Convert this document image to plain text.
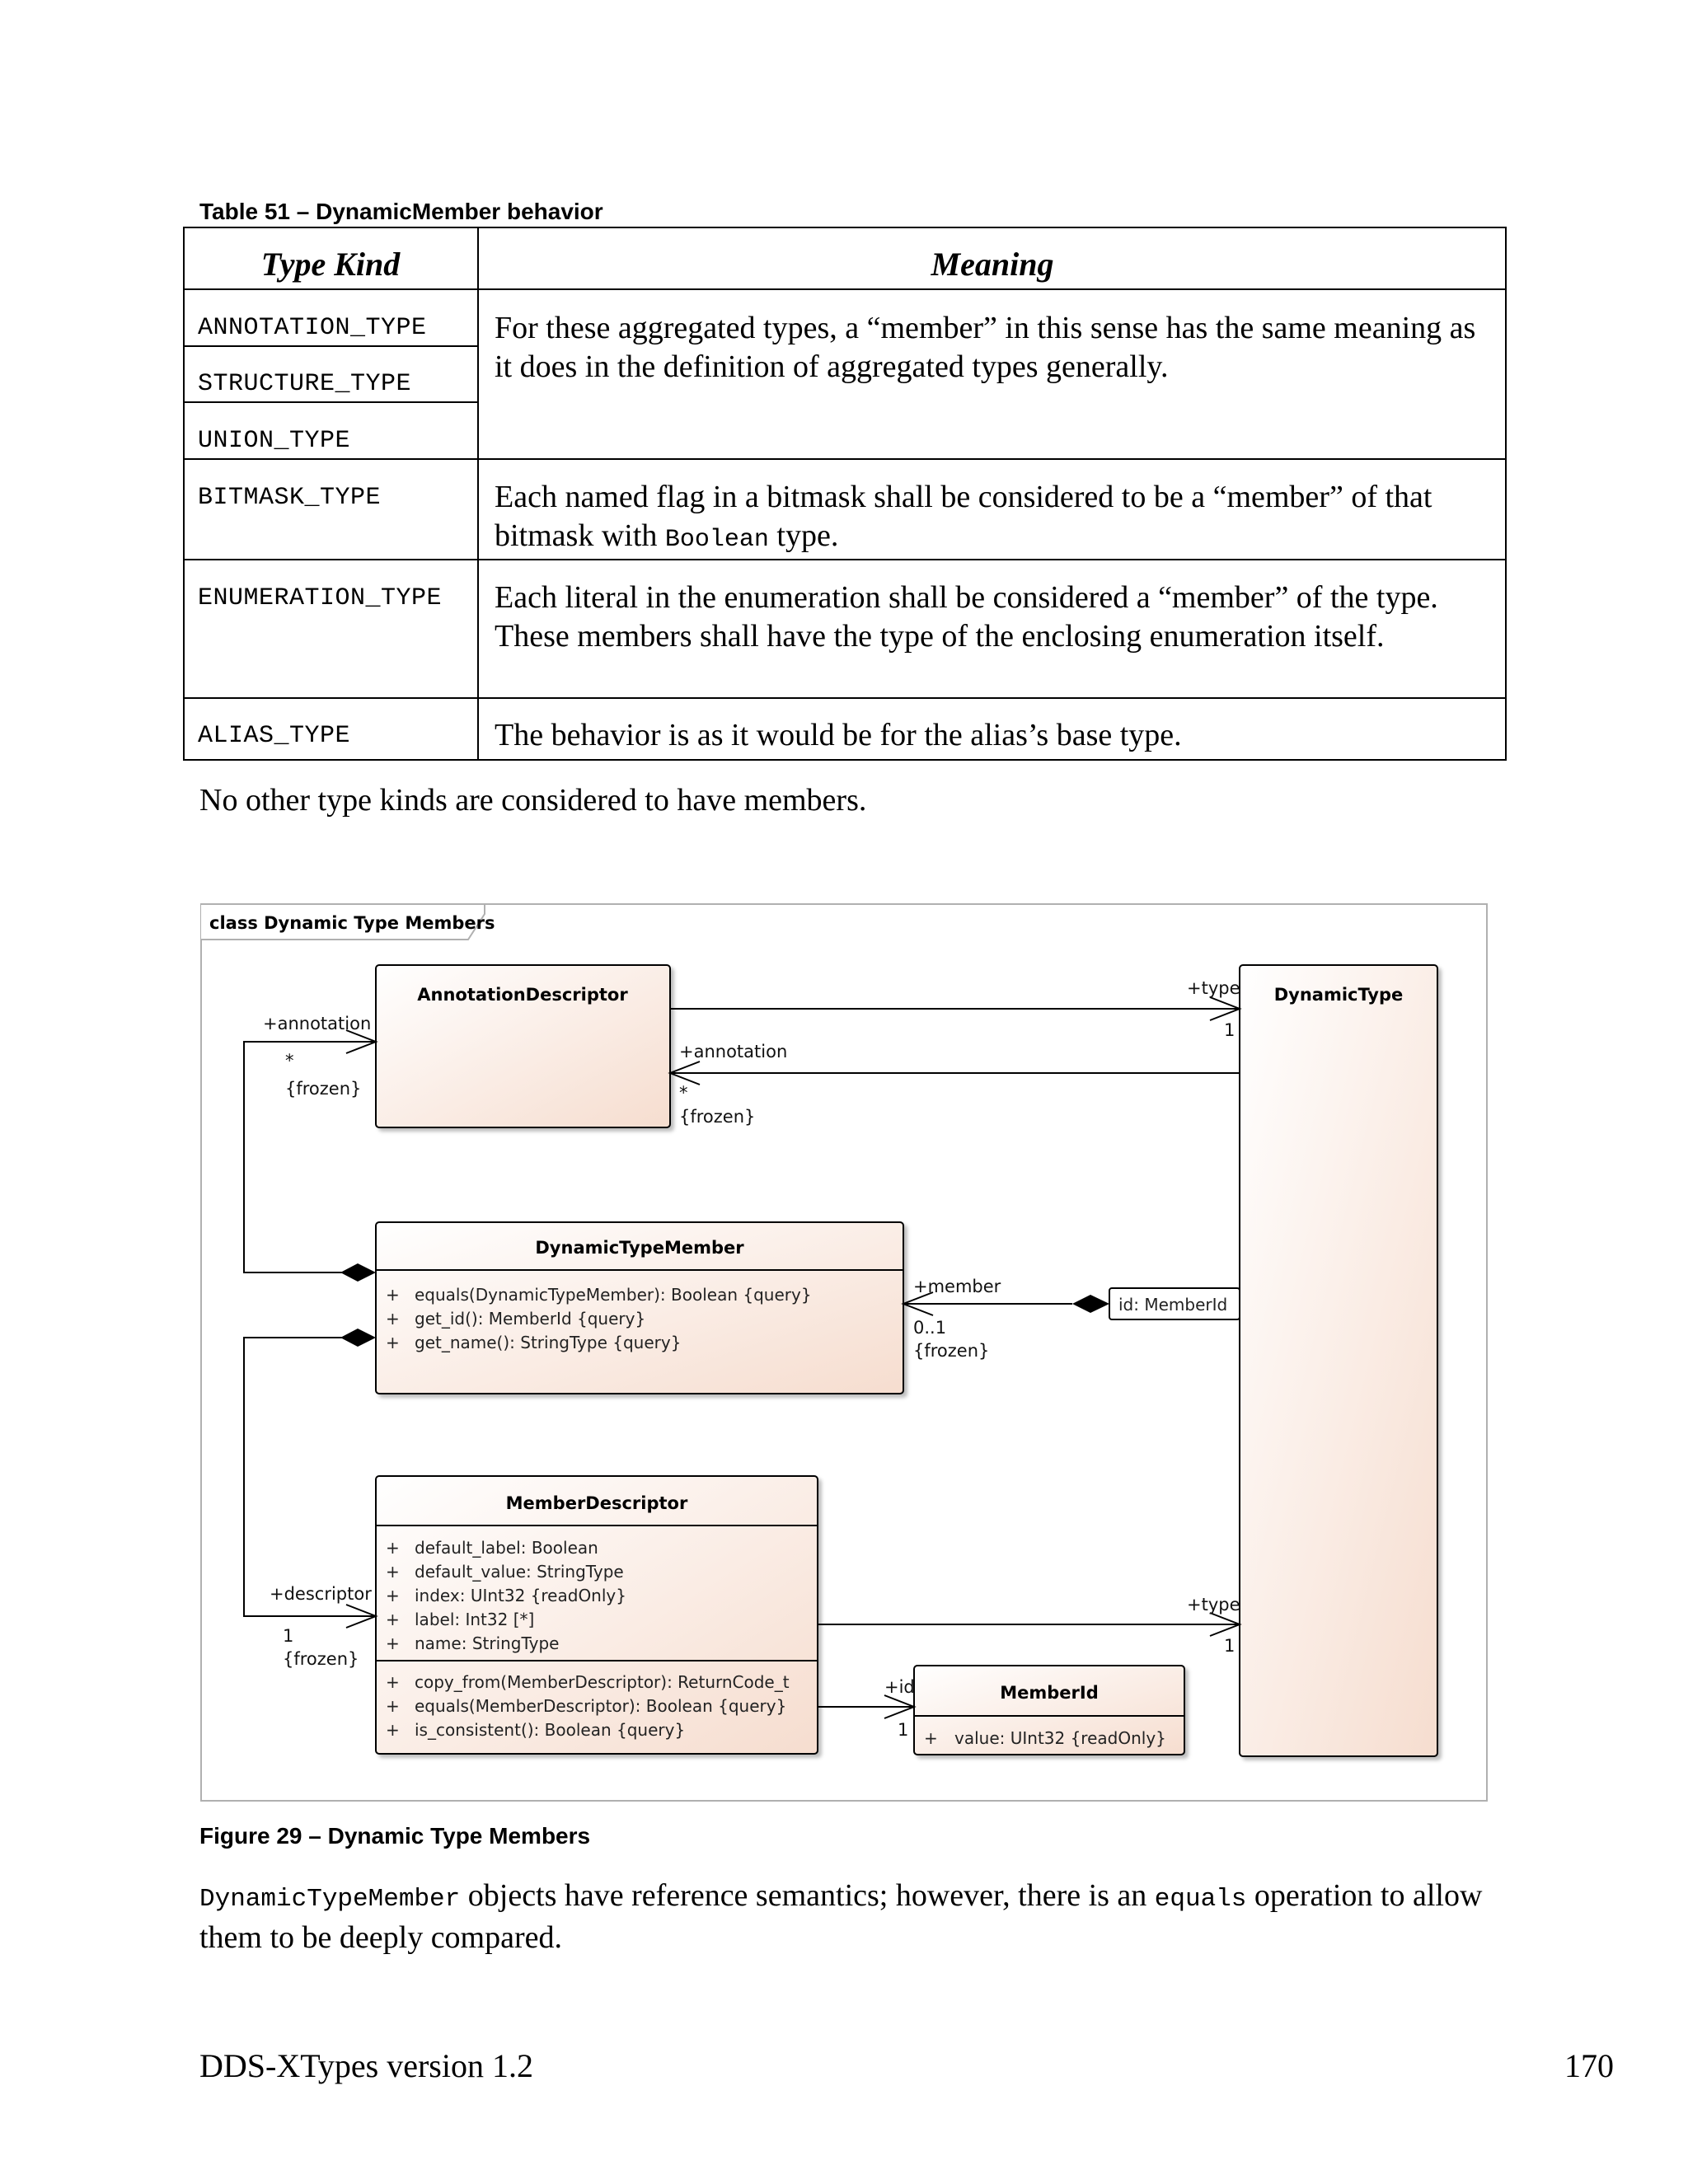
Table 51 – DynamicMember behavior
Type Kind	Meaning
ANNOTATION_TYPE
STRUCTURE_TYPE
UNION_TYPE
For these aggregated types, a “member” in this sense has the same meaning as it does in the definition of aggregated types generally.
BITMASK_TYPE	Each named flag in a bitmask shall be considered to be a “member” of that bitmask with Boolean type.
ENUMERATION_TYPE Each literal in the enumeration shall be considered a “member” of the type. These members shall have the type of the enclosing enumeration itself.
ALIAS_TYPE	The behavior is as it would be for the alias’s base type.
No other type kinds are considered to have members.
class Dynamic Type Members
AnnotationDescriptor	DynamicType
DynamicTypeMember
+ equals(DynamicTypeMember): Boolean {query}
+ get_id(): MemberId {query}
+ get_name(): StringType {query}
MemberDescriptor
+ default_label: Boolean
+ default_value: StringType
+ index: UInt32 {readOnly}
+ label: Int32 [*]
+ name: StringType
+ copy_from(MemberDescriptor): ReturnCode_t
+ equals(MemberDescriptor): Boolean {query}
+ is_consistent(): Boolean {query}
MemberId
+ value: UInt32 {readOnly}
id: MemberId
+annotation
*
{frozen}
+annotation
*
{frozen}
+type
1
+member
0..1
{frozen}
+descriptor
1
{frozen}
+type
1
+id
1
Figure 29 – Dynamic Type Members
DynamicTypeMember objects have reference semantics; however, there is an equals operation to allow them to be deeply compared.
DDS-XTypes version 1.2	170
